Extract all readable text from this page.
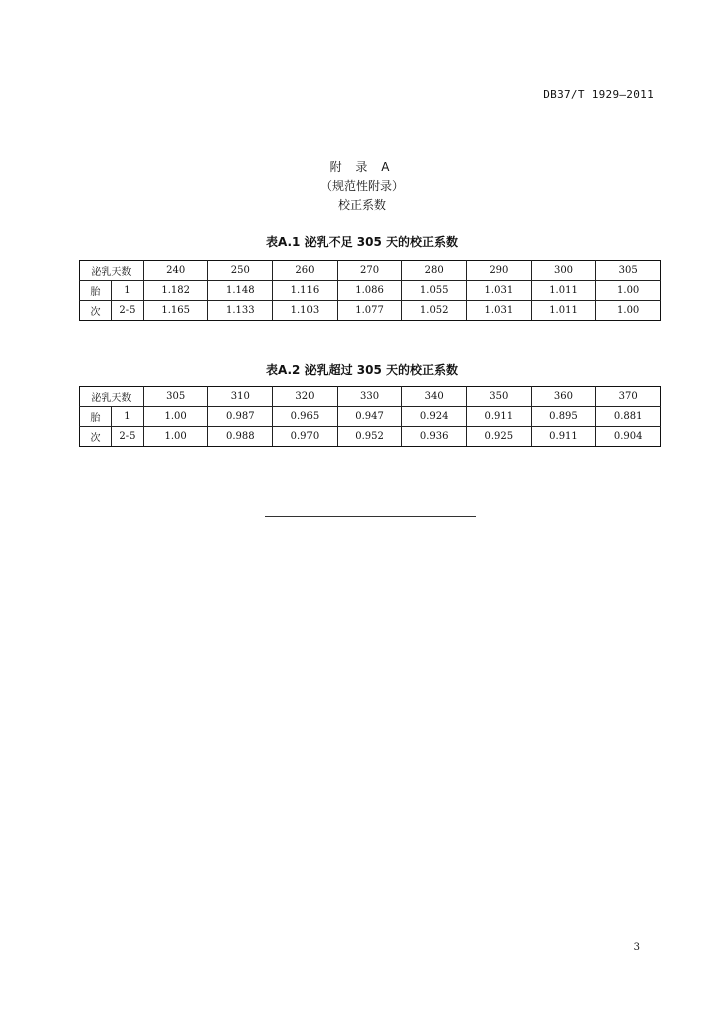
DB37/T 1929—2011
附 录 A
（规范性附录）
校正系数
表A.1 泌乳不足 305 天的校正系数
泌乳天数		240	250	260	270	280	290	300	305
胎	1	1.182	1.148	1.116	1.086	1.055	1.031	1.011	1.00
次	2-5	1.165	1.133	1.103	1.077	1.052	1.031	1.011	1.00
表A.2 泌乳超过 305 天的校正系数
泌乳天数		305	310	320	330	340	350	360	370
胎	1	1.00	0.987	0.965	0.947	0.924	0.911	0.895	0.881
次	2-5	1.00	0.988	0.970	0.952	0.936	0.925	0.911	0.904
3
